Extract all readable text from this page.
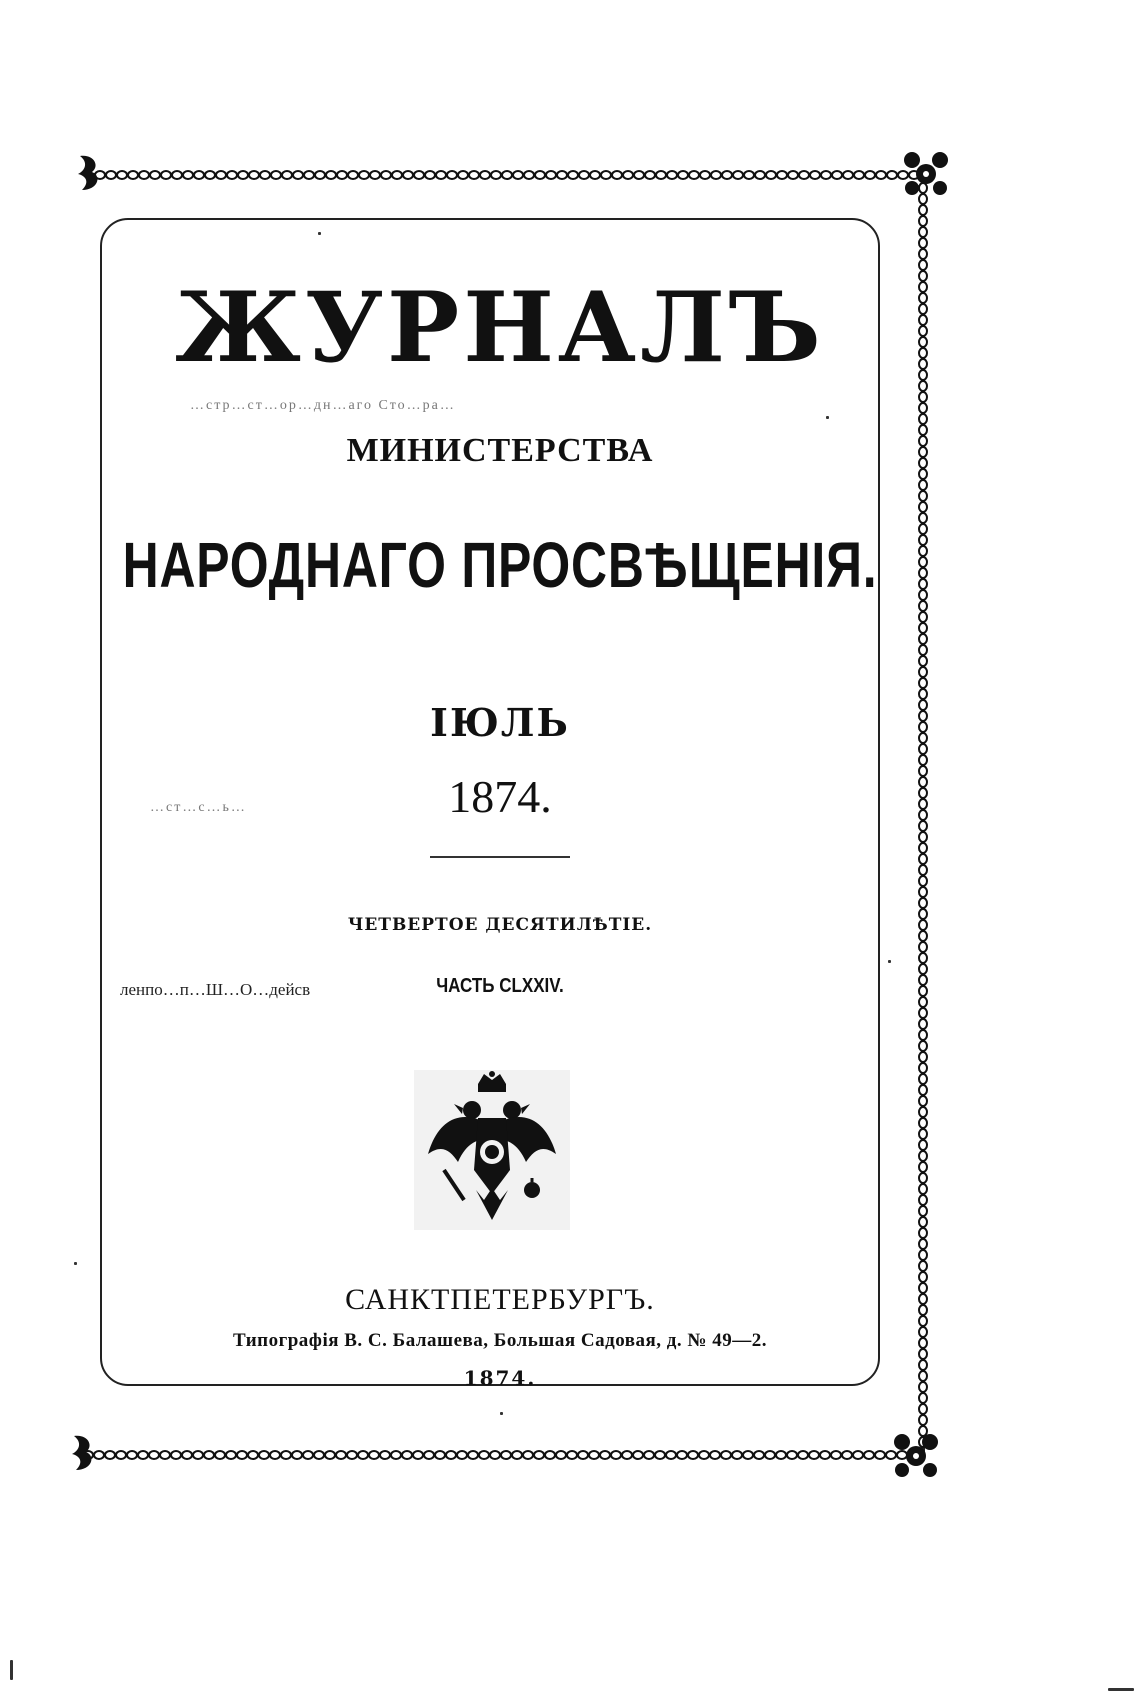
…стр…ст…ор…дн…аго Сто…ра…
ленпо…п…Ш…О…дейсв
…ст…с…ь…
ЖУРНАЛЪ
МИНИСТЕРСТВА
НАРОДНАГО ПРОСВѢЩЕНІЯ.
ІЮЛЬ
1874.
ЧЕТВЕРТОЕ ДЕСЯТИЛѢТІЕ.
ЧАСТЬ CLXXIV.
САНКТПЕТЕРБУРГЪ.
Типографія В. С. Балашева, Большая Садовая, д. № 49—2.
1874.
